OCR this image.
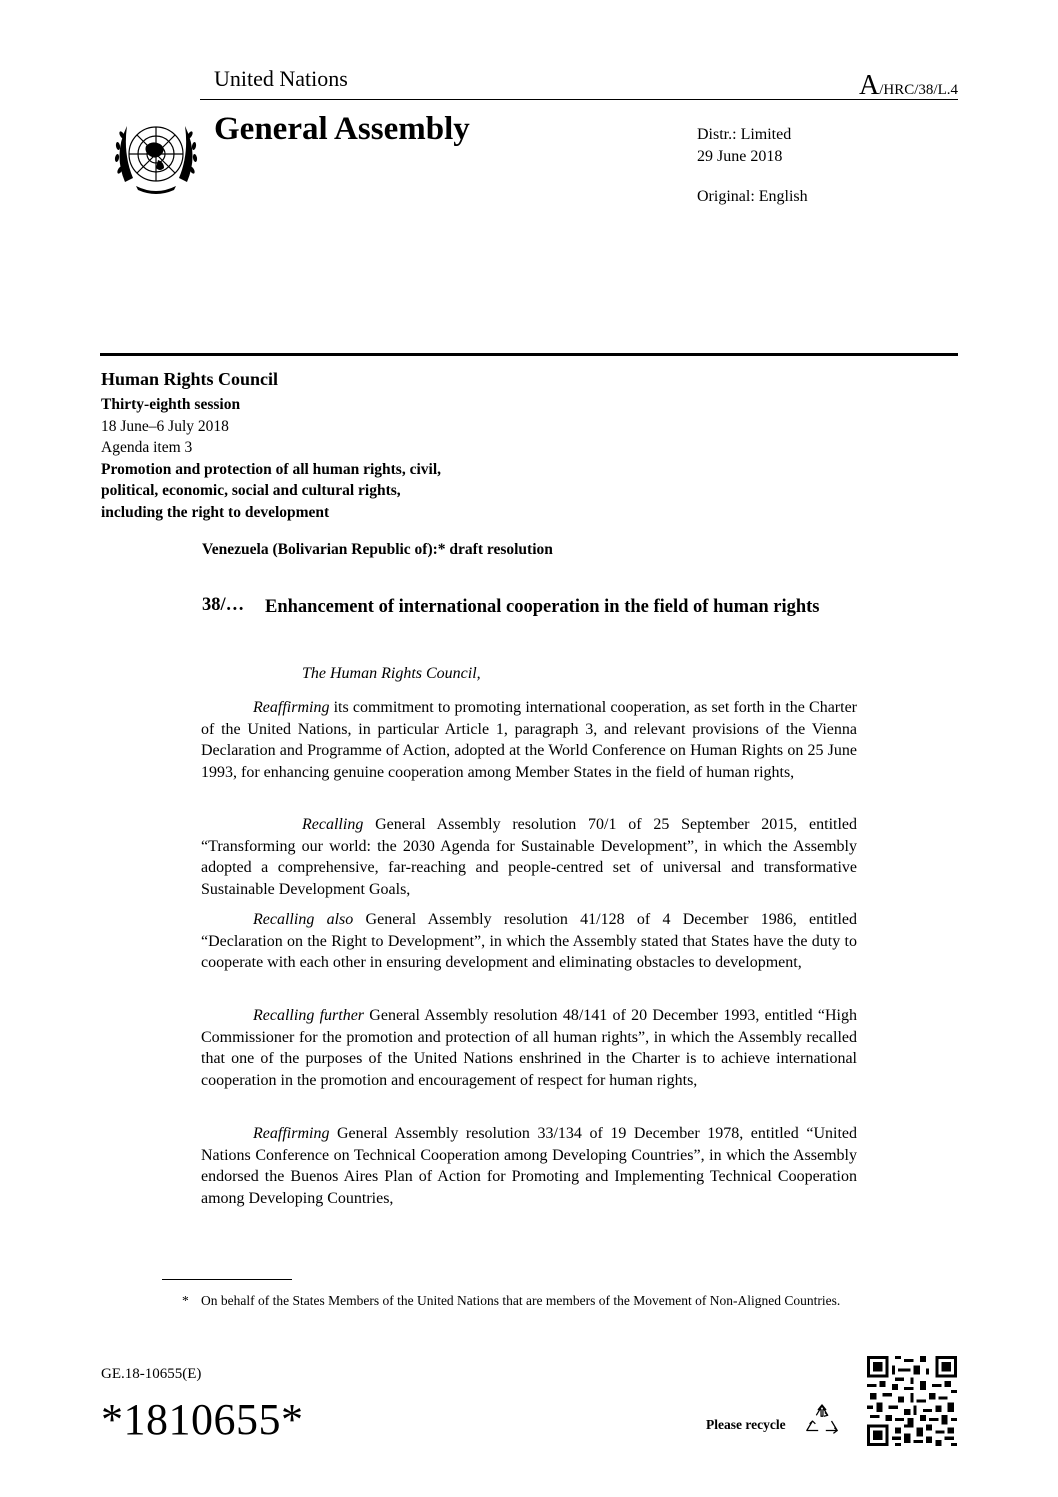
United Nations	A/HRC/38/L.4
General Assembly	Distr.: Limited
29 June 2018
Original: English
Human Rights Council
Thirty-eighth session
18 June–6 July 2018
Agenda item 3
Promotion and protection of all human rights, civil,
political, economic, social and cultural rights,
including the right to development
Venezuela (Bolivarian Republic of):* draft resolution
38/… Enhancement of international cooperation in the field of human rights
The Human Rights Council,
Reaffirming its commitment to promoting international cooperation, as set forth in the Charter of the United Nations, in particular Article 1, paragraph 3, and relevant provisions of the Vienna Declaration and Programme of Action, adopted at the World Conference on Human Rights on 25 June 1993, for enhancing genuine cooperation among Member States in the field of human rights,
Recalling General Assembly resolution 70/1 of 25 September 2015, entitled “Transforming our world: the 2030 Agenda for Sustainable Development”, in which the Assembly adopted a comprehensive, far-reaching and people-centred set of universal and transformative Sustainable Development Goals,
Recalling also General Assembly resolution 41/128 of 4 December 1986, entitled “Declaration on the Right to Development”, in which the Assembly stated that States have the duty to cooperate with each other in ensuring development and eliminating obstacles to development,
Recalling further General Assembly resolution 48/141 of 20 December 1993, entitled “High Commissioner for the promotion and protection of all human rights”, in which the Assembly recalled that one of the purposes of the United Nations enshrined in the Charter is to achieve international cooperation in the promotion and encouragement of respect for human rights,
Reaffirming General Assembly resolution 33/134 of 19 December 1978, entitled “United Nations Conference on Technical Cooperation among Developing Countries”, in which the Assembly endorsed the Buenos Aires Plan of Action for Promoting and Implementing Technical Cooperation among Developing Countries,
* On behalf of the States Members of the United Nations that are members of the Movement of Non-Aligned Countries.
GE.18-10655(E)
*1810655*	Please recycle
